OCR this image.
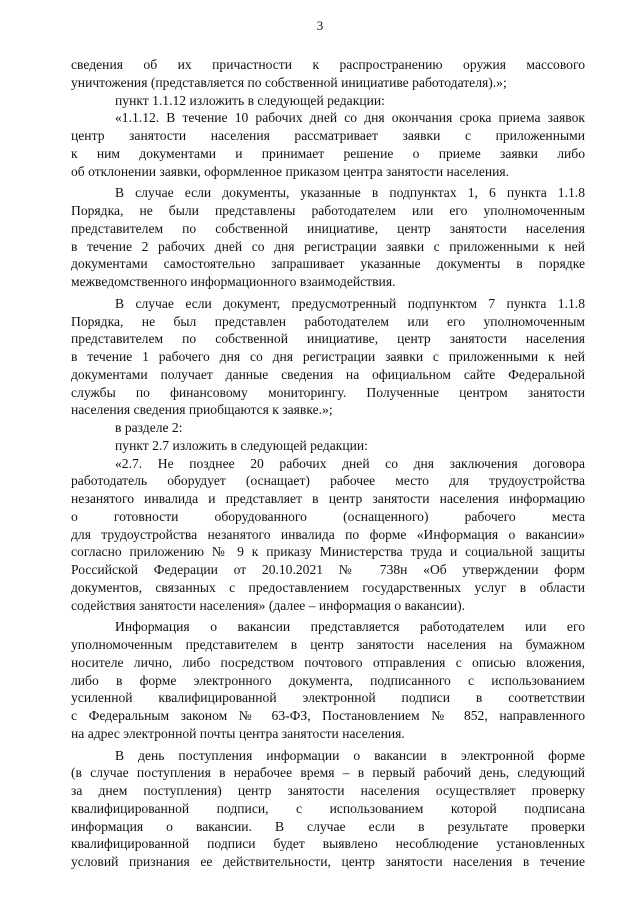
3
сведения об их причастности к распространению оружия массового
уничтожения (представляется по собственной инициативе работодателя).»;
пункт 1.1.12 изложить в следующей редакции:
«1.1.12. В течение 10 рабочих дней со дня окончания срока приема заявок
центр занятости населения рассматривает заявки с приложенными
к ним документами и принимает решение о приеме заявки либо
об отклонении заявки, оформленное приказом центра занятости населения.
В случае если документы, указанные в подпунктах 1, 6 пункта 1.1.8
Порядка, не были представлены работодателем или его уполномоченным
представителем по собственной инициативе, центр занятости населения
в течение 2 рабочих дней со дня регистрации заявки с приложенными к ней
документами самостоятельно запрашивает указанные документы в порядке
межведомственного информационного взаимодействия.
В случае если документ, предусмотренный подпунктом 7 пункта 1.1.8
Порядка, не был представлен работодателем или его уполномоченным
представителем по собственной инициативе, центр занятости населения
в течение 1 рабочего дня со дня регистрации заявки с приложенными к ней
документами получает данные сведения на официальном сайте Федеральной
службы по финансовому мониторингу. Полученные центром занятости
населения сведения приобщаются к заявке.»;
в разделе 2:
пункт 2.7 изложить в следующей редакции:
«2.7. Не позднее 20 рабочих дней со дня заключения договора
работодатель оборудует (оснащает) рабочее место для трудоустройства
незанятого инвалида и представляет в центр занятости населения информацию
о готовности оборудованного (оснащенного) рабочего места
для трудоустройства незанятого инвалида по форме «Информация о вакансии»
согласно приложению № 9 к приказу Министерства труда и социальной защиты
Российской Федерации от 20.10.2021 № 738н «Об утверждении форм
документов, связанных с предоставлением государственных услуг в области
содействия занятости населения» (далее – информация о вакансии).
Информация о вакансии представляется работодателем или его
уполномоченным представителем в центр занятости населения на бумажном
носителе лично, либо посредством почтового отправления с описью вложения,
либо в форме электронного документа, подписанного с использованием
усиленной квалифицированной электронной подписи в соответствии
с Федеральным законом № 63-ФЗ, Постановлением № 852, направленного
на адрес электронной почты центра занятости населения.
В день поступления информации о вакансии в электронной форме
(в случае поступления в нерабочее время – в первый рабочий день, следующий
за днем поступления) центр занятости населения осуществляет проверку
квалифицированной подписи, с использованием которой подписана
информация о вакансии. В случае если в результате проверки
квалифицированной подписи будет выявлено несоблюдение установленных
условий признания ее действительности, центр занятости населения в течение
